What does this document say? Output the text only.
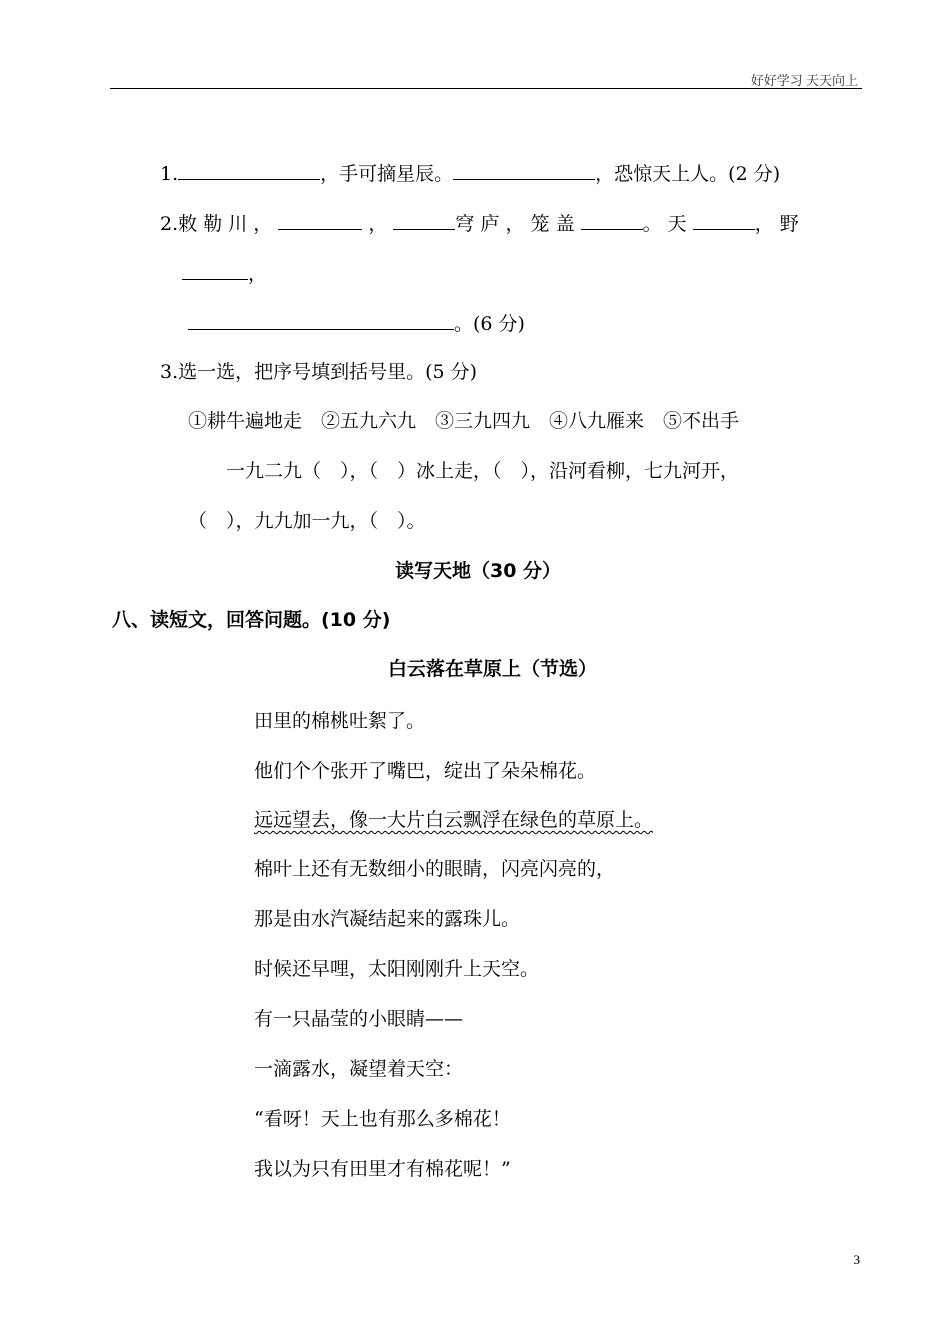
好好学习 天天向上
1.	，手可摘星辰。	，恐惊天上人。(2 分)
2.敕 勒 川 ，	，	穹 庐 ， 笼 盖	。 天	， 野
，
。(6 分)
3.选一选，把序号填到括号里。(5 分)
①耕牛遍地走　②五九六九　③三九四九　④八九雁来　⑤不出手
一九二九（　），（　）冰上走，（　），沿河看柳，七九河开，
（　），九九加一九，（　）。
读写天地（30 分）
八、读短文，回答问题。(10 分)
白云落在草原上（节选）
田里的棉桃吐絮了。
他们个个张开了嘴巴，绽出了朵朵棉花。
远远望去，像一大片白云飘浮在绿色的草原上。
棉叶上还有无数细小的眼睛，闪亮闪亮的，
那是由水汽凝结起来的露珠儿。
时候还早哩，太阳刚刚升上天空。
有一只晶莹的小眼睛——
一滴露水，凝望着天空：
“看呀！天上也有那么多棉花！
我以为只有田里才有棉花呢！”
3
